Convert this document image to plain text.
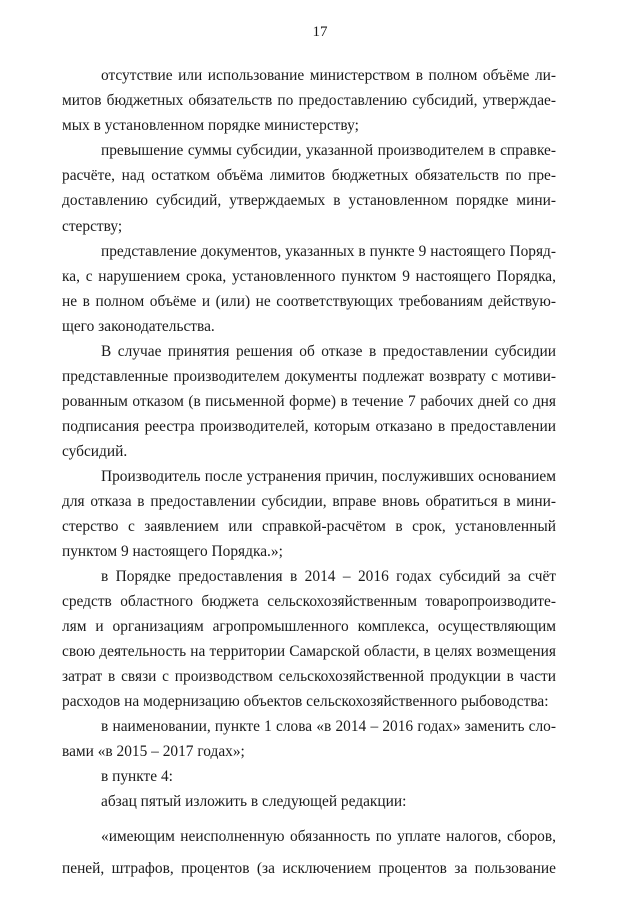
17
отсутствие или использование министерством в полном объёме ли-
митов бюджетных обязательств по предоставлению субсидий, утверждае-
мых в установленном порядке министерству;
превышение суммы субсидии, указанной производителем в справке-
расчёте, над остатком объёма лимитов бюджетных обязательств по пре-
доставлению субсидий, утверждаемых в установленном порядке мини-
стерству;
представление документов, указанных в пункте 9 настоящего Поряд-
ка, с нарушением срока, установленного пунктом 9 настоящего Порядка,
не в полном объёме и (или) не соответствующих требованиям действую-
щего законодательства.
В случае принятия решения об отказе в предоставлении субсидии
представленные производителем документы подлежат возврату с мотиви-
рованным отказом (в письменной форме) в течение 7 рабочих дней со дня
подписания реестра производителей, которым отказано в предоставлении
субсидий.
Производитель после устранения причин, послуживших основанием
для отказа в предоставлении субсидии, вправе вновь обратиться в мини-
стерство с заявлением или справкой-расчётом в срок, установленный
пунктом 9 настоящего Порядка.»;
в Порядке предоставления в 2014 – 2016 годах субсидий за счёт
средств областного бюджета сельскохозяйственным товаропроизводите-
лям и организациям агропромышленного комплекса, осуществляющим
свою деятельность на территории Самарской области, в целях возмещения
затрат в связи с производством сельскохозяйственной продукции в части
расходов на модернизацию объектов сельскохозяйственного рыбоводства:
в наименовании, пункте 1 слова «в 2014 – 2016 годах» заменить сло-
вами «в 2015 – 2017 годах»;
в пункте 4:
абзац пятый изложить в следующей редакции:
«имеющим неисполненную обязанность по уплате налогов, сборов,
пеней, штрафов, процентов (за исключением процентов за пользование
